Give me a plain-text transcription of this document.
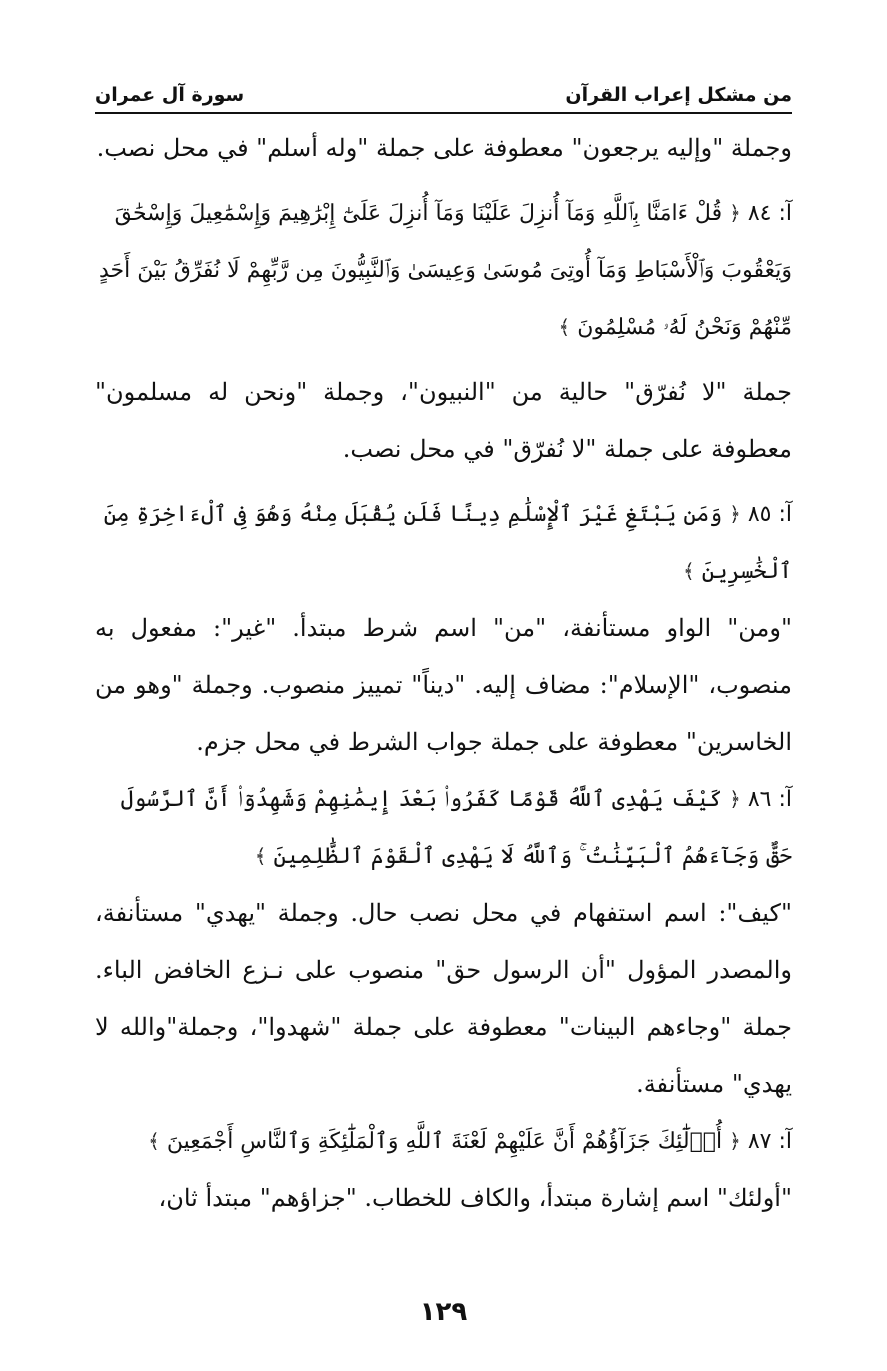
من مشكل إعراب القرآن
سورة آل عمران

وجملة "وإليه يرجعون" معطوفة على جملة "وله أسلم" في محل نصب.

آ: ٨٤ ﴿ قُلْ ءَامَنَّا بِٱللَّهِ وَمَآ أُنزِلَ عَلَيْنَا وَمَآ أُنزِلَ عَلَىٰٓ إِبْرَٰهِيمَ وَإِسْمَٰعِيلَ وَإِسْحَٰقَ وَيَعْقُوبَ وَٱلْأَسْبَاطِ وَمَآ أُوتِىَ مُوسَىٰ وَعِيسَىٰ وَٱلنَّبِيُّونَ مِن رَّبِّهِمْ لَا نُفَرِّقُ بَيْنَ أَحَدٍ مِّنْهُمْ وَنَحْنُ لَهُۥ مُسْلِمُونَ ﴾

جملة "لا نُفرّق" حالية من "النبيون"، وجملة "ونحن له مسلمون" معطوفة على جملة "لا نُفرّق" في محل نصب.

آ: ٨٥ ﴿ وَمَن يَبْتَغِ غَيْرَ ٱلْإِسْلَٰمِ دِينًا فَلَن يُقْبَلَ مِنْهُ وَهُوَ فِى ٱلْءَاخِرَةِ مِنَ ٱلْخَٰسِرِينَ ﴾

"ومن" الواو مستأنفة، "من" اسم شرط مبتدأ. "غير": مفعول به منصوب، "الإسلام": مضاف إليه. "ديناً" تمييز منصوب. وجملة "وهو من الخاسرين" معطوفة على جملة جواب الشرط في محل جزم.

آ: ٨٦ ﴿ كَيْفَ يَهْدِى ٱللَّهُ قَوْمًا كَفَرُوا۟ بَعْدَ إِيمَٰنِهِمْ وَشَهِدُوٓا۟ أَنَّ ٱلرَّسُولَ حَقٌّ وَجَآءَهُمُ ٱلْبَيِّنَٰتُ ۚ وَٱللَّهُ لَا يَهْدِى ٱلْقَوْمَ ٱلظَّٰلِمِينَ ﴾

"كيف": اسم استفهام في محل نصب حال. وجملة "يهدي" مستأنفة، والمصدر المؤول "أن الرسول حق" منصوب على نـزع الخافض الباء. جملة "وجاءهم البينات" معطوفة على جملة "شهدوا"، وجملة"والله لا يهدي" مستأنفة.

آ: ٨٧ ﴿ أُو۟لَٰٓئِكَ جَزَآؤُهُمْ أَنَّ عَلَيْهِمْ لَعْنَةَ ٱللَّهِ وَٱلْمَلَٰٓئِكَةِ وَٱلنَّاسِ أَجْمَعِينَ ﴾

"أولئك" اسم إشارة مبتدأ، والكاف للخطاب. "جزاؤهم" مبتدأ ثان،

١٢٩
